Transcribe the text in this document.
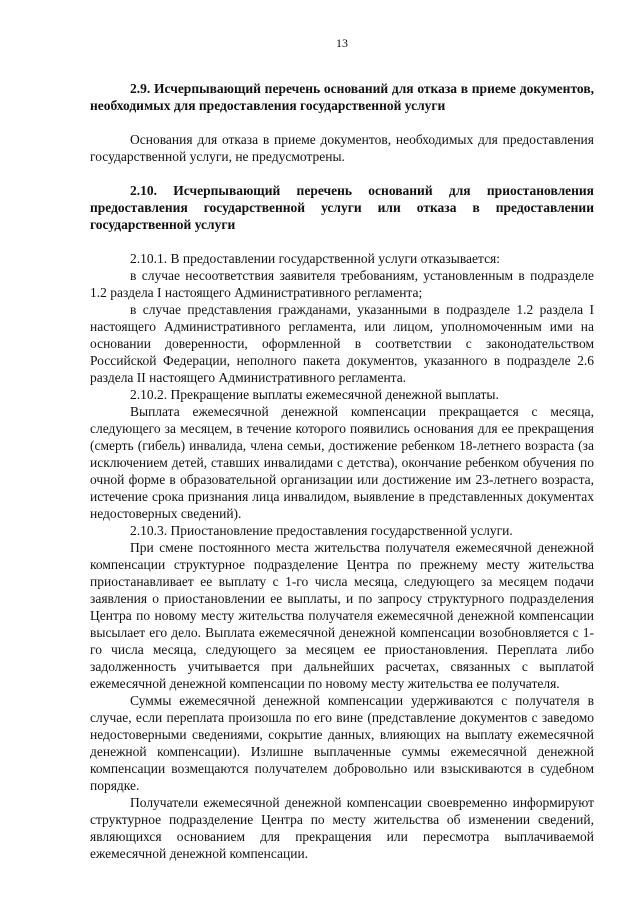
13

2.9. Исчерпывающий перечень оснований для отказа в приеме документов, необходимых для предоставления государственной услуги

Основания для отказа в приеме документов, необходимых для предоставления государственной услуги, не предусмотрены.

2.10. Исчерпывающий перечень оснований для приостановления предоставления государственной услуги или отказа в предоставлении государственной услуги

2.10.1. В предоставлении государственной услуги отказывается:

в случае несоответствия заявителя требованиям, установленным в подразделе 1.2 раздела I настоящего Административного регламента;

в случае представления гражданами, указанными в подразделе 1.2 раздела I настоящего Административного регламента, или лицом, уполномоченным ими на основании доверенности, оформленной в соответствии с законодательством Российской Федерации, неполного пакета документов, указанного в подразделе 2.6 раздела II настоящего Административного регламента.

2.10.2. Прекращение выплаты ежемесячной денежной выплаты.

Выплата ежемесячной денежной компенсации прекращается с месяца, следующего за месяцем, в течение которого появились основания для ее прекращения (смерть (гибель) инвалида, члена семьи, достижение ребенком 18-летнего возраста (за исключением детей, ставших инвалидами с детства), окончание ребенком обучения по очной форме в образовательной организации или достижение им 23-летнего возраста, истечение срока признания лица инвалидом, выявление в представленных документах недостоверных сведений).

2.10.3. Приостановление предоставления государственной услуги.

При смене постоянного места жительства получателя ежемесячной денежной компенсации структурное подразделение Центра по прежнему месту жительства приостанавливает ее выплату с 1-го числа месяца, следующего за месяцем подачи заявления о приостановлении ее выплаты, и по запросу структурного подразделения Центра по новому месту жительства получателя ежемесячной денежной компенсации высылает его дело. Выплата ежемесячной денежной компенсации возобновляется с 1-го числа месяца, следующего за месяцем ее приостановления. Переплата либо задолженность учитывается при дальнейших расчетах, связанных с выплатой ежемесячной денежной компенсации по новому месту жительства ее получателя.

Суммы ежемесячной денежной компенсации удерживаются с получателя в случае, если переплата произошла по его вине (представление документов с заведомо недостоверными сведениями, сокрытие данных, влияющих на выплату ежемесячной денежной компенсации). Излишне выплаченные суммы ежемесячной денежной компенсации возмещаются получателем добровольно или взыскиваются в судебном порядке.

Получатели ежемесячной денежной компенсации своевременно информируют структурное подразделение Центра по месту жительства об изменении сведений, являющихся основанием для прекращения или пересмотра выплачиваемой ежемесячной денежной компенсации.
